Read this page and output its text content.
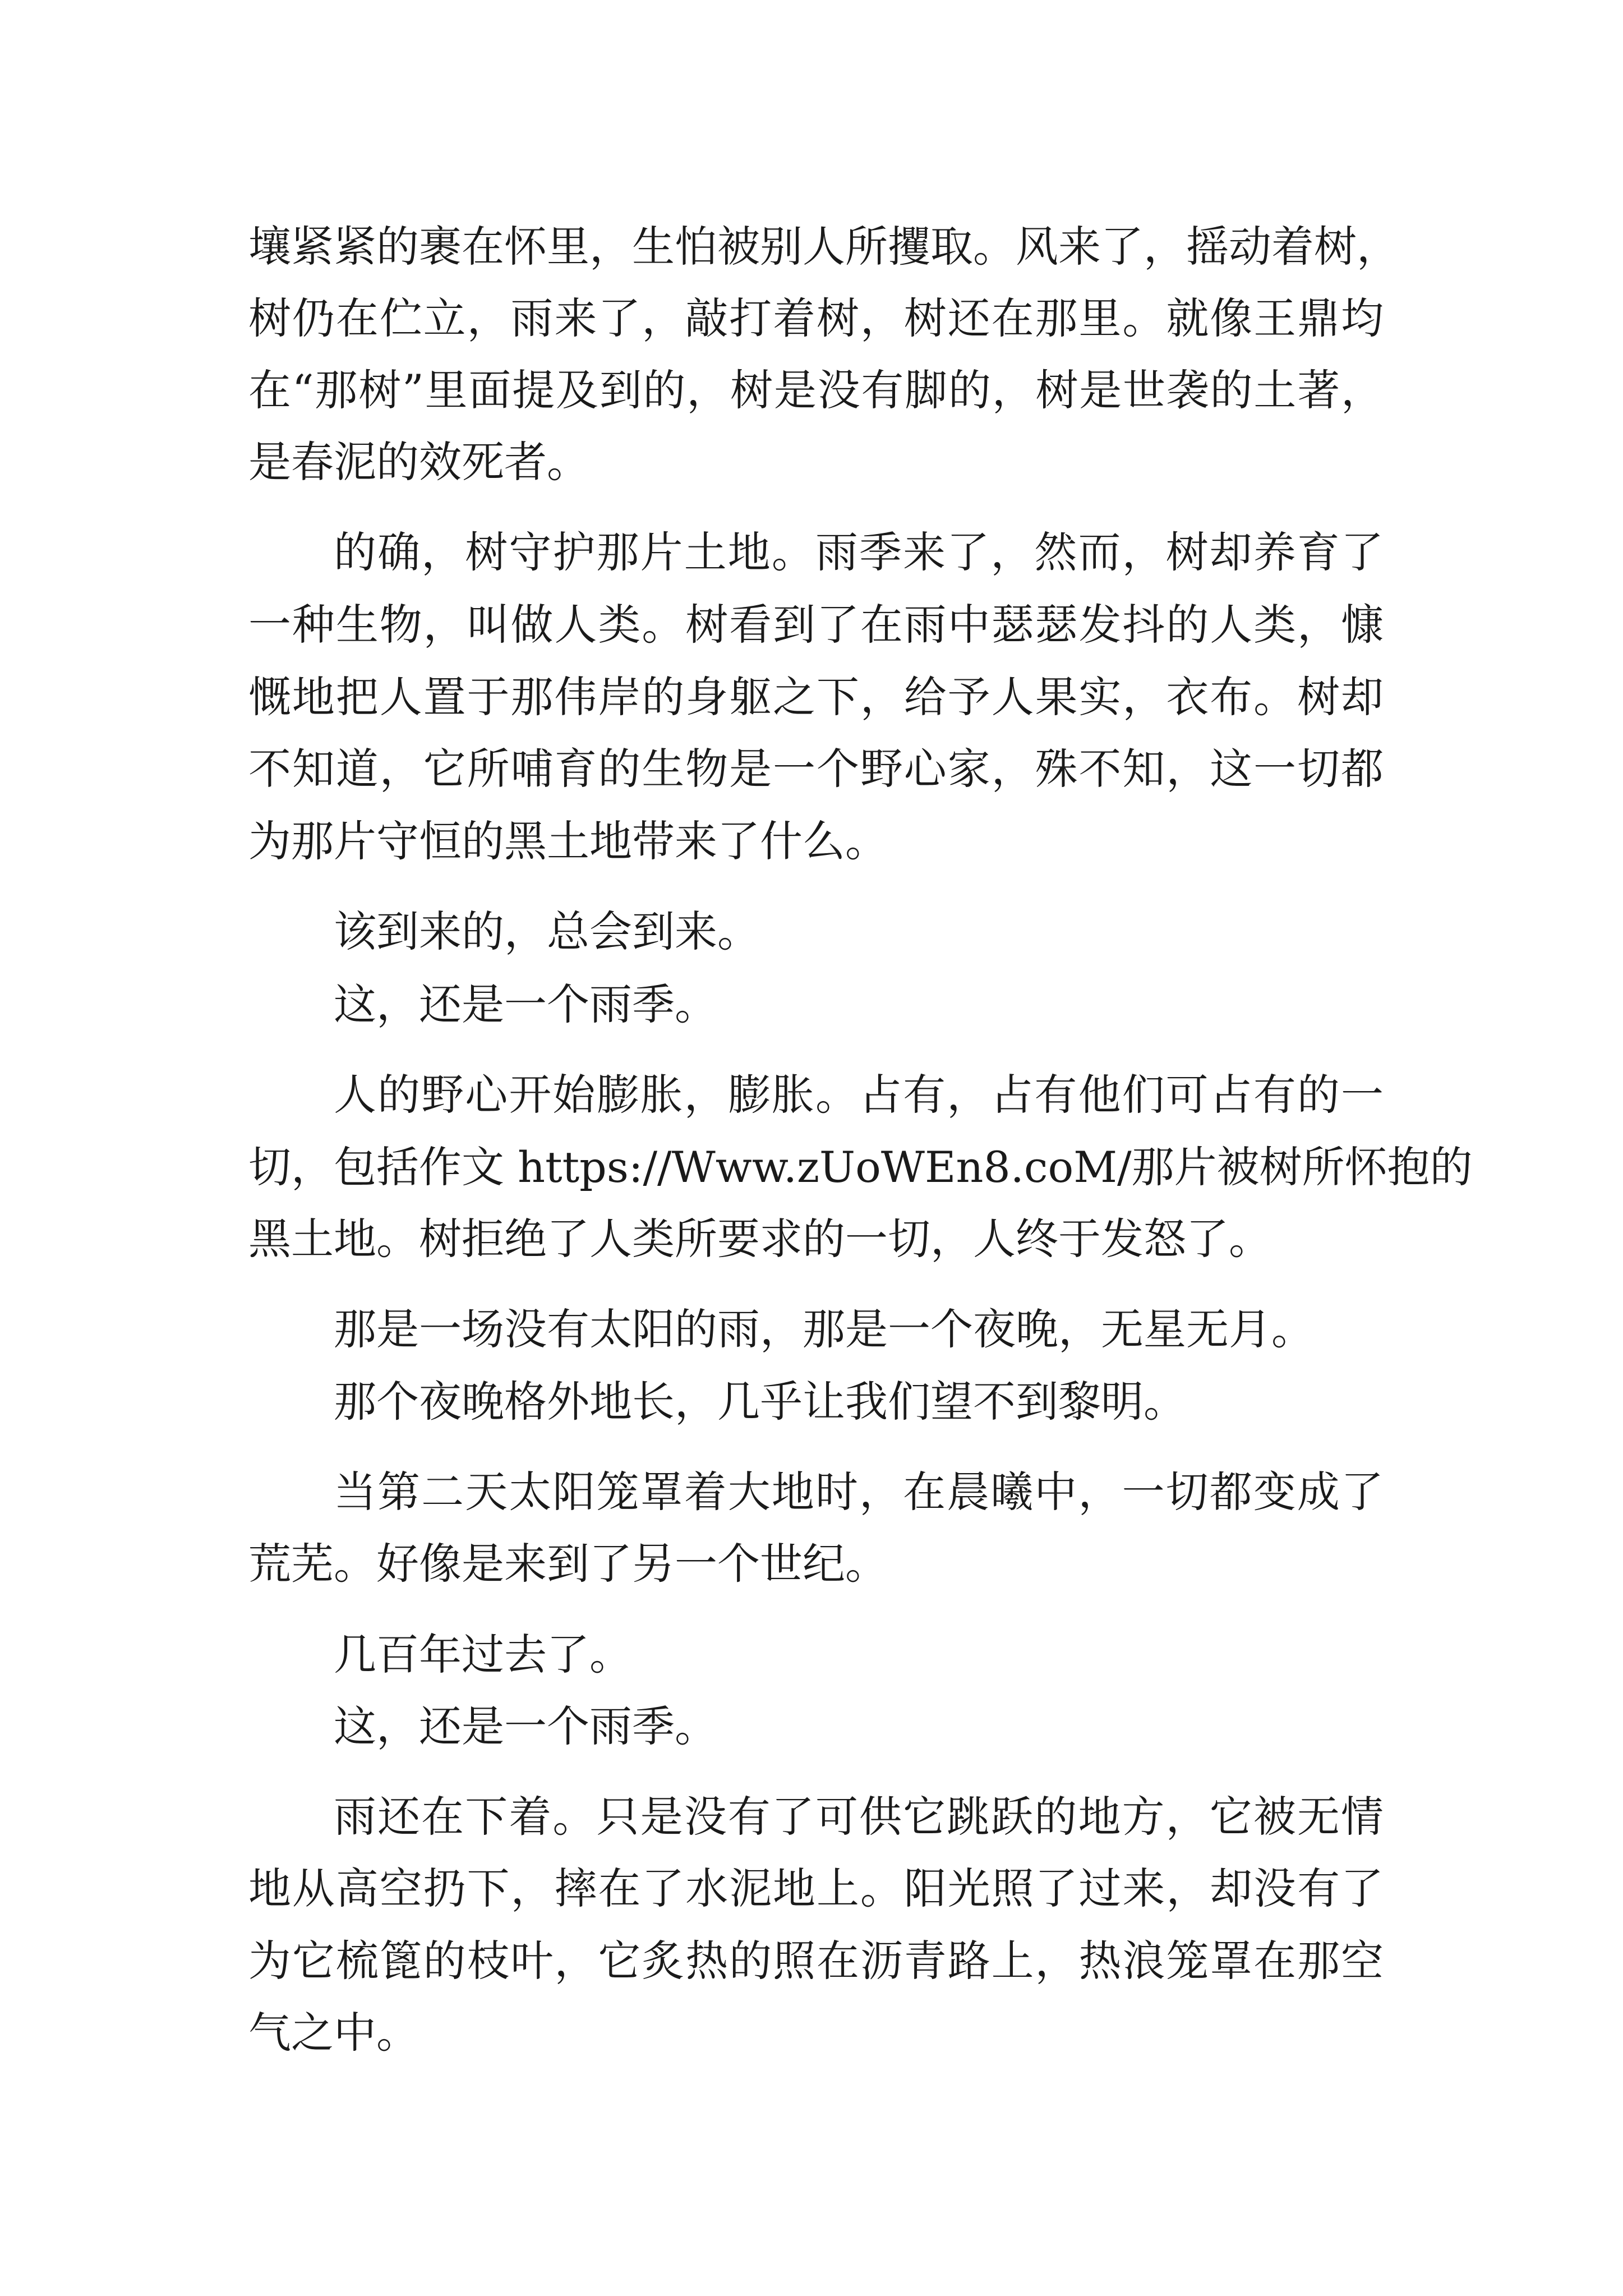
壤紧紧的裹在怀里，生怕被别人所攫取。风来了，摇动着树，
树仍在伫立，雨来了，敲打着树，树还在那里。就像王鼎均
在“那树”里面提及到的，树是没有脚的，树是世袭的土著，
是春泥的效死者。
的确，树守护那片土地。雨季来了，然而，树却养育了
一种生物，叫做人类。树看到了在雨中瑟瑟发抖的人类，慷
慨地把人置于那伟岸的身躯之下，给予人果实，衣布。树却
不知道，它所哺育的生物是一个野心家，殊不知，这一切都
为那片守恒的黑土地带来了什么。
该到来的，总会到来。
这，还是一个雨季。
人的野心开始膨胀，膨胀。占有，占有他们可占有的一
切，包括作文 https://Www.zUoWEn8.coM/那片被树所怀抱的
黑土地。树拒绝了人类所要求的一切，人终于发怒了。
那是一场没有太阳的雨，那是一个夜晚，无星无月。
那个夜晚格外地长，几乎让我们望不到黎明。
当第二天太阳笼罩着大地时，在晨曦中，一切都变成了
荒芜。好像是来到了另一个世纪。
几百年过去了。
这，还是一个雨季。
雨还在下着。只是没有了可供它跳跃的地方，它被无情
地从高空扔下，摔在了水泥地上。阳光照了过来，却没有了
为它梳篦的枝叶，它炙热的照在沥青路上，热浪笼罩在那空
气之中。
